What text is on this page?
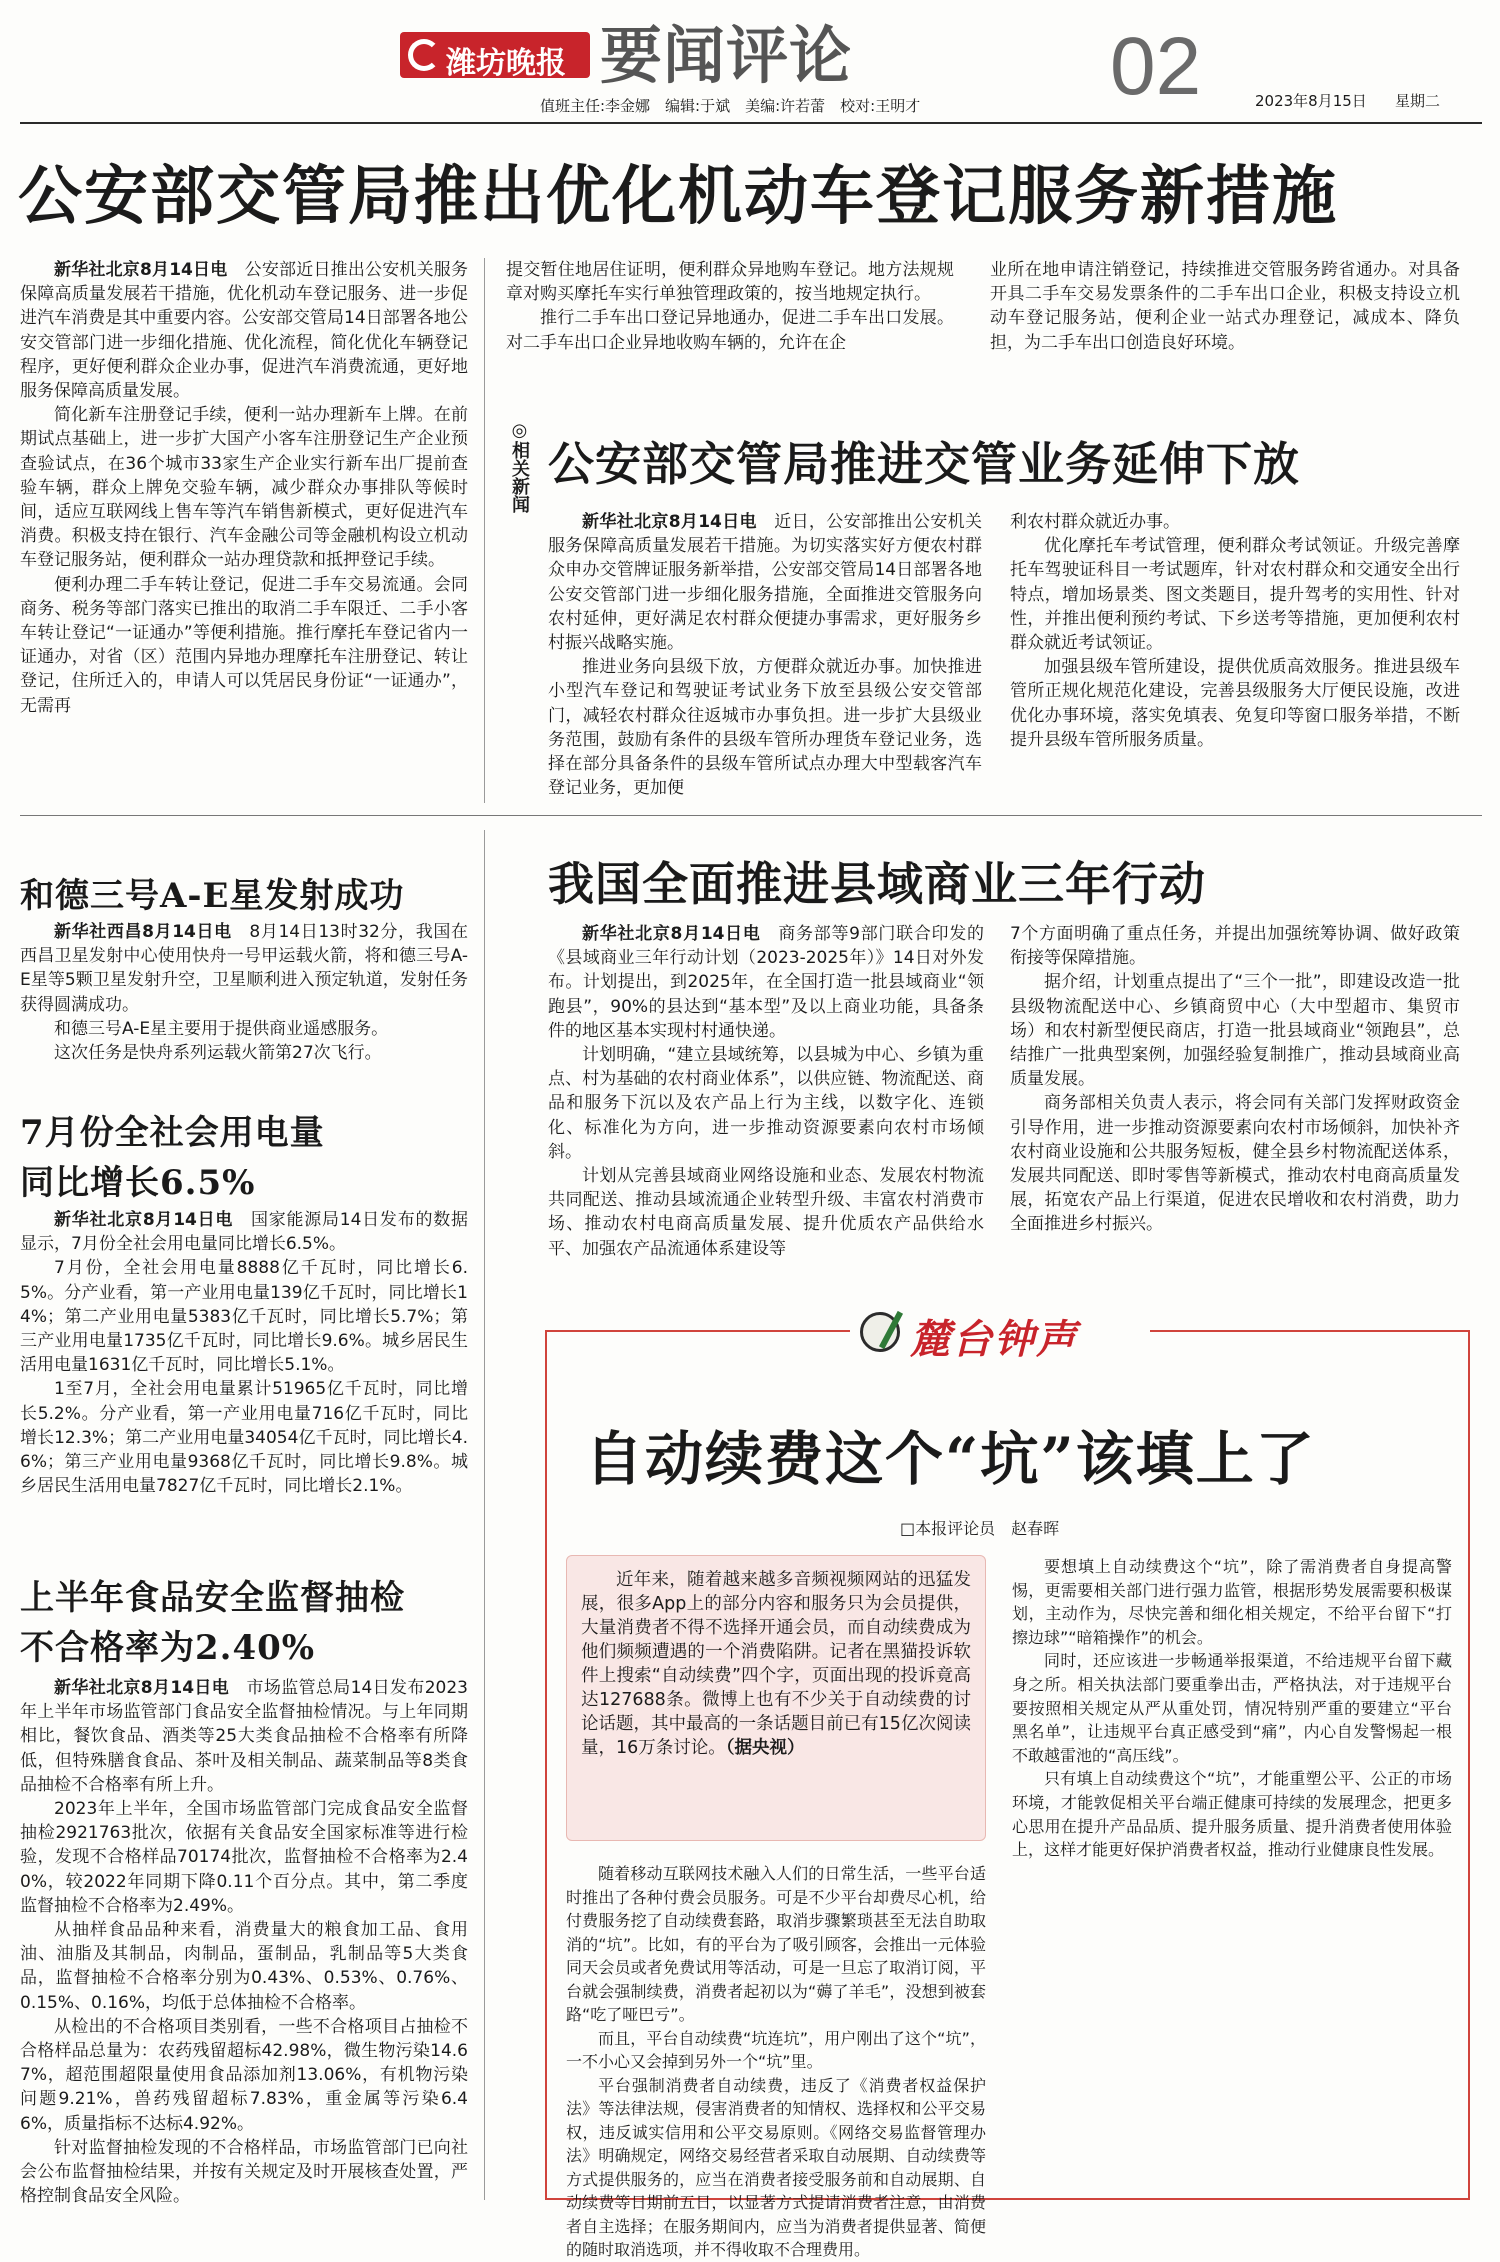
潍坊晚报 要闻评论	02	2023年8月15日 星期二
值班主任:李金娜　编辑:于斌　美编:许若蕾　校对:王明才
公安部交管局推出优化机动车登记服务新措施

新华社北京8月14日电　 公安部近日推出公安机关服务保障高质量发展若干措施，优化机动车登记服务、进一步促进汽车消费是其中重要内容。公安部交管局14日部署各地公安交管部门进一步细化措施、优化流程，简化优化车辆登记程序，更好便利群众企业办事，促进汽车消费流通，更好地服务保障高质量发展。

简化新车注册登记手续，便利一站办理新车上牌。在前期试点基础上，进一步扩大国产小客车注册登记生产企业预查验试点，在36个城市33家生产企业实行新车出厂提前查验车辆，群众上牌免交验车辆，减少群众办事排队等候时间，适应互联网线上售车等汽车销售新模式，更好促进汽车消费。积极支持在银行、汽车金融公司等金融机构设立机动车登记服务站，便利群众一站办理贷款和抵押登记手续。

便利办理二手车转让登记，促进二手车交易流通。会同商务、税务等部门落实已推出的取消二手车限迁、二手小客车转让登记“一证通办”等便利措施。推行摩托车登记省内一证通办，对省（区）范围内异地办理摩托车注册登记、转让登记，住所迁入的，申请人可以凭居民身份证“一证通办”，无需再

提交暂住地居住证明，便利群众异地购车登记。地方法规规章对购买摩托车实行单独管理政策的，按当地规定执行。

推行二手车出口登记异地通办，促进二手车出口发展。对二手车出口企业异地收购车辆的，允许在企

业所在地申请注销登记，持续推进交管服务跨省通办。对具备开具二手车交易发票条件的二手车出口企业，积极支持设立机动车登记服务站，便利企业一站式办理登记，减成本、降负担，为二手车出口创造良好环境。

◎相关新闻 公安部交管局推进交管业务延伸下放

新华社北京8月14日电　 近日，公安部推出公安机关服务保障高质量发展若干措施。为切实落实好方便农村群众申办交管牌证服务新举措，公安部交管局14日部署各地公安交管部门进一步细化服务措施，全面推进交管服务向农村延伸，更好满足农村群众便捷办事需求，更好服务乡村振兴战略实施。

推进业务向县级下放，方便群众就近办事。加快推进小型汽车登记和驾驶证考试业务下放至县级公安交管部门，减轻农村群众往返城市办事负担。进一步扩大县级业务范围，鼓励有条件的县级车管所办理货车登记业务，选择在部分具备条件的县级车管所试点办理大中型载客汽车登记业务，更加便

利农村群众就近办事。

优化摩托车考试管理，便利群众考试领证。升级完善摩托车驾驶证科目一考试题库，针对农村群众和交通安全出行特点，增加场景类、图文类题目，提升驾考的实用性、针对性，并推出便利预约考试、下乡送考等措施，更加便利农村群众就近考试领证。

加强县级车管所建设，提供优质高效服务。推进县级车管所正规化规范化建设，完善县级服务大厅便民设施，改进优化办事环境，落实免填表、免复印等窗口服务举措，不断提升县级车管所服务质量。

和德三号A-E星发射成功

新华社西昌8月14日电　 8月14日13时32分，我国在西昌卫星发射中心使用快舟一号甲运载火箭，将和德三号A-E星等5颗卫星发射升空，卫星顺利进入预定轨道，发射任务获得圆满成功。

和德三号A-E星主要用于提供商业遥感服务。

这次任务是快舟系列运载火箭第27次飞行。

7月份全社会用电量
同比增长6.5%

新华社北京8月14日电　 国家能源局14日发布的数据显示，7月份全社会用电量同比增长6.5%。

7月份，全社会用电量8888亿千瓦时，同比增长6.5%。分产业看，第一产业用电量139亿千瓦时，同比增长14%；第二产业用电量5383亿千瓦时，同比增长5.7%；第三产业用电量1735亿千瓦时，同比增长9.6%。城乡居民生活用电量1631亿千瓦时，同比增长5.1%。

1至7月，全社会用电量累计51965亿千瓦时，同比增长5.2%。分产业看，第一产业用电量716亿千瓦时，同比增长12.3%；第二产业用电量34054亿千瓦时，同比增长4.6%；第三产业用电量9368亿千瓦时，同比增长9.8%。城乡居民生活用电量7827亿千瓦时，同比增长2.1%。

上半年食品安全监督抽检
不合格率为2.40%

新华社北京8月14日电　 市场监管总局14日发布2023年上半年市场监管部门食品安全监督抽检情况。与上年同期相比，餐饮食品、酒类等25大类食品抽检不合格率有所降低，但特殊膳食食品、茶叶及相关制品、蔬菜制品等8类食品抽检不合格率有所上升。

2023年上半年，全国市场监管部门完成食品安全监督抽检2921763批次，依据有关食品安全国家标准等进行检验，发现不合格样品70174批次，监督抽检不合格率为2.40%，较2022年同期下降0.11个百分点。其中，第二季度监督抽检不合格率为2.49%。

从抽样食品品种来看，消费量大的粮食加工品、食用油、油脂及其制品，肉制品，蛋制品，乳制品等5大类食品，监督抽检不合格率分别为0.43%、0.53%、0.76%、0.15%、0.16%，均低于总体抽检不合格率。

从检出的不合格项目类别看，一些不合格项目占抽检不合格样品总量为：农药残留超标42.98%，微生物污染14.67%，超范围超限量使用食品添加剂13.06%，有机物污染问题9.21%，兽药残留超标7.83%，重金属等污染6.46%，质量指标不达标4.92%。

针对监督抽检发现的不合格样品，市场监管部门已向社会公布监督抽检结果，并按有关规定及时开展核查处置，严格控制食品安全风险。

我国全面推进县域商业三年行动

新华社北京8月14日电　 商务部等9部门联合印发的《县域商业三年行动计划（2023-2025年）》14日对外发布。计划提出，到2025年，在全国打造一批县域商业“领跑县”，90%的县达到“基本型”及以上商业功能，具备条件的地区基本实现村村通快递。

计划明确，“建立县域统筹，以县城为中心、乡镇为重点、村为基础的农村商业体系”，以供应链、物流配送、商品和服务下沉以及农产品上行为主线，以数字化、连锁化、标准化为方向，进一步推动资源要素向农村市场倾斜。

计划从完善县域商业网络设施和业态、发展农村物流共同配送、推动县域流通企业转型升级、丰富农村消费市场、推动农村电商高质量发展、提升优质农产品供给水平、加强农产品流通体系建设等

7个方面明确了重点任务，并提出加强统筹协调、做好政策衔接等保障措施。

据介绍，计划重点提出了“三个一批”，即建设改造一批县级物流配送中心、乡镇商贸中心（大中型超市、集贸市场）和农村新型便民商店，打造一批县域商业“领跑县”，总结推广一批典型案例，加强经验复制推广，推动县域商业高质量发展。

商务部相关负责人表示，将会同有关部门发挥财政资金引导作用，进一步推动资源要素向农村市场倾斜，加快补齐农村商业设施和公共服务短板，健全县乡村物流配送体系，发展共同配送、即时零售等新模式，推动农村电商高质量发展，拓宽农产品上行渠道，促进农民增收和农村消费，助力全面推进乡村振兴。

麓台钟声
自动续费这个“坑”该填上了
□本报评论员　赵春晖

近年来，随着越来越多音频视频网站的迅猛发展，很多App上的部分内容和服务只为会员提供，大量消费者不得不选择开通会员，而自动续费成为他们频频遭遇的一个消费陷阱。记者在黑猫投诉软件上搜索“自动续费”四个字，页面出现的投诉竟高达127688条。微博上也有不少关于自动续费的讨论话题，其中最高的一条话题目前已有15亿次阅读量，16万条讨论。（据央视）

随着移动互联网技术融入人们的日常生活，一些平台适时推出了各种付费会员服务。可是不少平台却费尽心机，给付费服务挖了自动续费套路，取消步骤繁琐甚至无法自助取消的“坑”。比如，有的平台为了吸引顾客，会推出一元体验同天会员或者免费试用等活动，可是一旦忘了取消订阅，平台就会强制续费，消费者起初以为“薅了羊毛”，没想到被套路“吃了哑巴亏”。

而且，平台自动续费“坑连坑”，用户刚出了这个“坑”，一不小心又会掉到另外一个“坑”里。

平台强制消费者自动续费，违反了《消费者权益保护法》等法律法规，侵害消费者的知情权、选择权和公平交易权，违反诚实信用和公平交易原则。《网络交易监督管理办法》明确规定，网络交易经营者采取自动展期、自动续费等方式提供服务的，应当在消费者接受服务前和自动展期、自动续费等日期前五日，以显著方式提请消费者注意，由消费者自主选择；在服务期间内，应当为消费者提供显著、简便的随时取消选项，并不得收取不合理费用。

要想填上自动续费这个“坑”，除了需消费者自身提高警惕，更需要相关部门进行强力监管，根据形势发展需要积极谋划，主动作为，尽快完善和细化相关规定，不给平台留下“打擦边球”“暗箱操作”的机会。

同时，还应该进一步畅通举报渠道，不给违规平台留下藏身之所。相关执法部门要重拳出击，严格执法，对于违规平台要按照相关规定从严从重处罚，情况特别严重的要建立“平台黑名单”，让违规平台真正感受到“痛”，内心自发警惕起一根不敢越雷池的“高压线”。

只有填上自动续费这个“坑”，才能重塑公平、公正的市场环境，才能敦促相关平台端正健康可持续的发展理念，把更多心思用在提升产品品质、提升服务质量、提升消费者使用体验上，这样才能更好保护消费者权益，推动行业健康良性发展。
